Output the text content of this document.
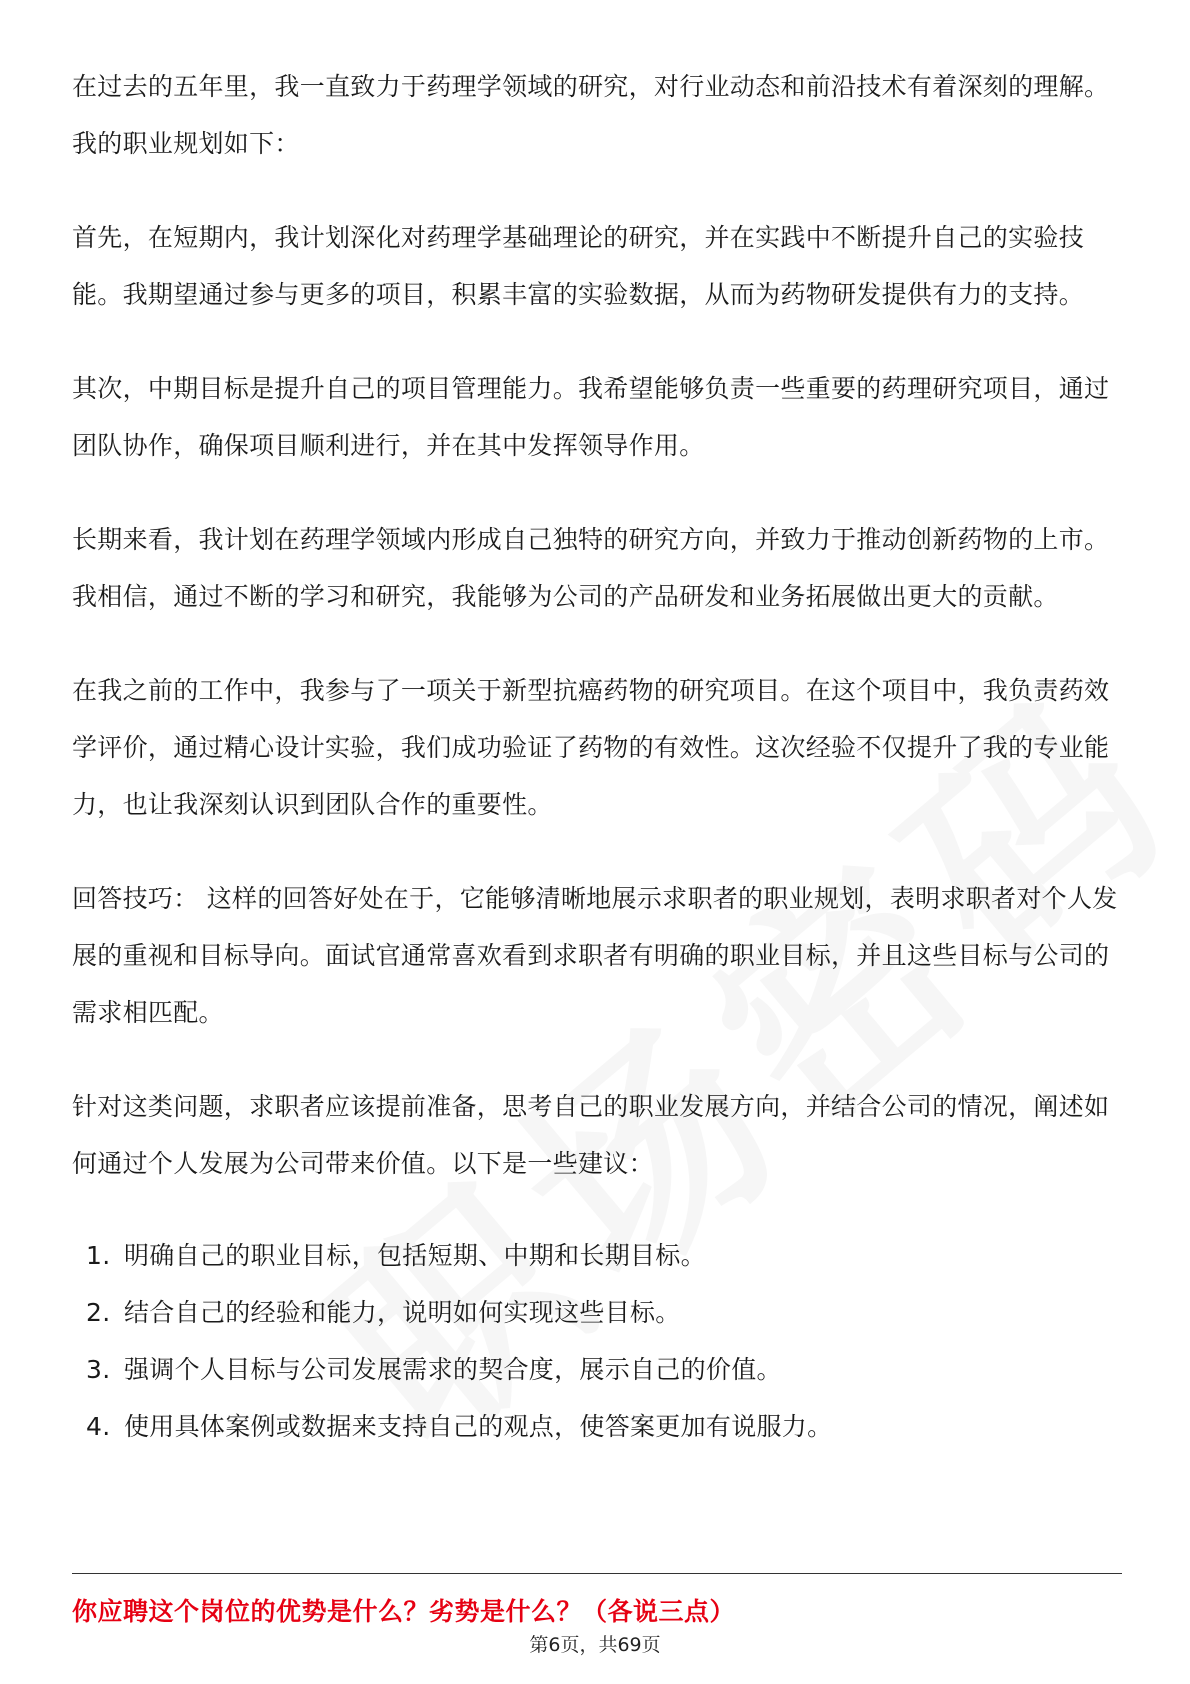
在过去的五年里，我一直致力于药理学领域的研究，对行业动态和前沿技术有着深刻的理解。我的职业规划如下：

首先，在短期内，我计划深化对药理学基础理论的研究，并在实践中不断提升自己的实验技能。我期望通过参与更多的项目，积累丰富的实验数据，从而为药物研发提供有力的支持。

其次，中期目标是提升自己的项目管理能力。我希望能够负责一些重要的药理研究项目，通过团队协作，确保项目顺利进行，并在其中发挥领导作用。

长期来看，我计划在药理学领域内形成自己独特的研究方向，并致力于推动创新药物的上市。我相信，通过不断的学习和研究，我能够为公司的产品研发和业务拓展做出更大的贡献。

在我之前的工作中，我参与了一项关于新型抗癌药物的研究项目。在这个项目中，我负责药效学评价，通过精心设计实验，我们成功验证了药物的有效性。这次经验不仅提升了我的专业能力，也让我深刻认识到团队合作的重要性。

回答技巧： 这样的回答好处在于，它能够清晰地展示求职者的职业规划，表明求职者对个人发展的重视和目标导向。面试官通常喜欢看到求职者有明确的职业目标，并且这些目标与公司的需求相匹配。

针对这类问题，求职者应该提前准备，思考自己的职业发展方向，并结合公司的情况，阐述如何通过个人发展为公司带来价值。以下是一些建议：

1. 明确自己的职业目标，包括短期、中期和长期目标。
2. 结合自己的经验和能力，说明如何实现这些目标。
3. 强调个人目标与公司发展需求的契合度，展示自己的价值。
4. 使用具体案例或数据来支持自己的观点，使答案更加有说服力。
你应聘这个岗位的优势是什么？劣势是什么？（各说三点）
第6页，共69页
